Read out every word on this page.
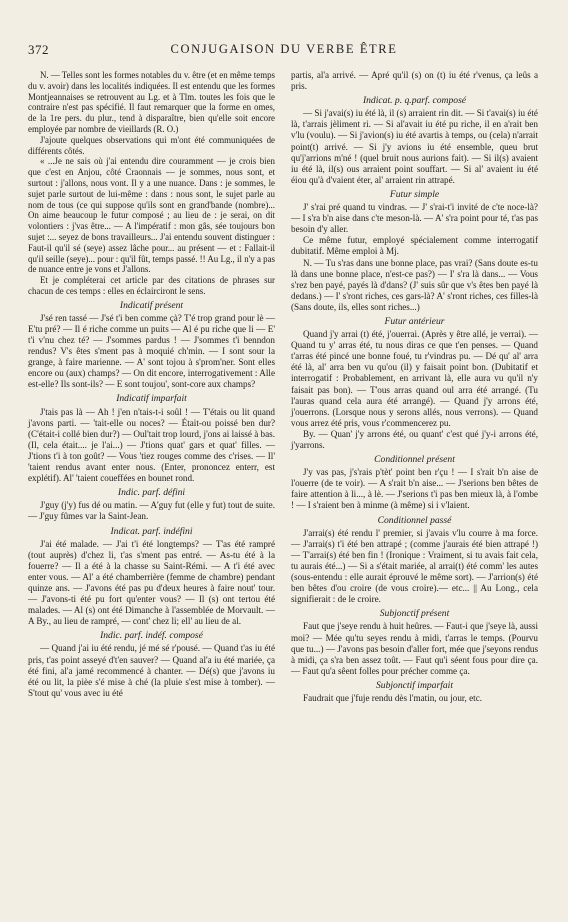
372	CONJUGAISON DU VERBE ÊTRE

N. — Telles sont les formes notables du v. être (et en même temps du v. avoir) dans les localités indiquées. Il est entendu que les formes Montjeannaises se retrouvent au Lg. et à Tlm. toutes les fois que le contraire n'est pas spécifié. Il faut remarquer que la forme en omes, de la 1re pers. du plur., tend à disparaître, bien qu'elle soit encore employée par nombre de vieillards (R. O.)

J'ajoute quelques observations qui m'ont été communiquées de différents côtés.

« ...Je ne sais où j'ai entendu dire couramment — je crois bien que c'est en Anjou, côté Craonnais — je sommes, nous sont, et surtout : j'allons, nous vont. Il y a une nuance. Dans : je sommes, le sujet parle surtout de lui-même : dans : nous sont, le sujet parle au nom de tous (ce qui suppose qu'ils sont en grand'bande (nombre)... On aime beaucoup le futur composé ; au lieu de : je serai, on dit volontiers : j'vas être... — A l'impératif : mon gâs, sée toujours bon sujet :... seyez de bons travailleurs... J'ai entendu souvent distinguer : Faut-il qu'il sé (seye) assez lâche pour... au présent — et : Fallait-il qu'il seille (seye)... pour : qu'il fût, temps passé. !! Au Lg., il n'y a pas de nuance entre je vons et J'allons.

Et je compléterai cet article par des citations de phrases sur chacun de ces temps : elles en éclairciront le sens.

Indicatif présent

J'sé ren tassé — J'sé t'i ben comme çà? T'é trop grand pour lè — E'tu pré? — Il é riche comme un puits — Al é pu riche que li — E' t'i v'nu chez té? — J'sommes pardus ! — J'sommes t'i benndon rendus? V's êtes s'ment pas à moquié ch'min. — I sont sour la grange, à faire marienne. — A' sont tojou à s'prom'ner. Sont elles encore ou (aux) champs? — On dit encore, interrogativement : Alle est-elle? Ils sont-ils? — E sont toujou', sont-core aux champs?

Indicatif imparfait

J'tais pas là — Ah ! j'en n'tais-t-i soûl ! — T'étais ou lit quand j'avons parti. — 'tait-elle ou noces? — Était-ou poissé ben dur? (C'était-i collé bien dur?) — Oul'tait trop lourd, j'ons ai laissé à bas. (Il, cela était.... je l'ai...) — J'tions quat' gars et quat' filles. — J'tions t'i à ton goût? — Vous 'tiez rouges comme des c'rises. — Il' 'taient rendus avant enter nous. (Enter, prononcez enterr, est explétif). Al' 'taient coueffées en bounet rond.

Indic. parf. défini

J'guy (j'y) fus dé ou matin. — A'guy fut (elle y fut) tout de suite. — J'guy fûmes var la Saint-Jean.

Indicat. parf. indéfini

J'ai été malade. — J'ai t'i été longtemps? — T'as été rampré (tout auprès) d'chez li, t'as s'ment pas entré. — As-tu été à la fouerre? — Il a été à la chasse su Saint-Rémi. — A t'i été avec enter vous. — Al' a été chamberrière (femme de chambre) pendant quinze ans. — J'avons été pas pu d'deux heures à faire nout' tour. — J'avons-ti été pu fort qu'enter vous? — Il (s) ont tertou été malades. — Al (s) ont été Dimanche à l'assemblée de Morvault. — A By., au lieu de rampré, — cont' chez li; ell' au lieu de al.

Indic. parf. indéf. composé

— Quand j'ai iu été rendu, jé mé sé r'pousé. — Quand t'as iu été pris, t'as point asseyé d't'en sauver? — Quand al'a iu été mariée, ça été fini, al'a jamé recommencé à chanter. — Dé(s) que j'avons iu été ou lit, la pièe s'é mise à ché (la pluie s'est mise à tomber). — S'tout qu' vous avec iu été

partis, al'a arrivé. — Apré qu'il (s) on (t) iu été r'venus, ça leûs a pris.

Indicat. p. q.parf. composé

— Si j'avai(s) iu été là, il (s) arraient rin dit. — Si t'avai(s) iu été là, t'arrais jèliment ri. — Si al'avait iu été pu riche, il en a'rait ben v'lu (voulu). — Si j'avion(s) iu été avartis à temps, ou (cela) n'arrait point(t) arrivé. — Si j'y avions iu été ensemble, queu brut qu'j'arrions m'né ! (quel bruit nous aurions fait). — Si il(s) avaient iu été là, il(s) ous arraient point souffart. — Si al' avaient iu été éiou qu'à d'vaient éter, al' arraient rin attrapé.

Futur simple

J' s'rai pré quand tu vindras. — J' s'rai-t'i invité de c'te noce-là? — I s'ra b'n aise dans c'te meson-là. — A' s'ra point pour té, t'as pas besoin d'y aller.

Ce même futur, employé spécialement comme interrogatif dubitatif. Même emploi à Mj.

N. — Tu s'ras dans une bonne place, pas vrai? (Sans doute es-tu là dans une bonne place, n'est-ce pas?) — I' s'ra là dans... — Vous s'rez ben payé, payés là d'dans? (J' suis sûr que v's êtes ben payé là dedans.) — I' s'ront riches, ces gars-là? A' s'ront riches, ces filles-là (Sans doute, ils, elles sont riches...)

Futur antérieur

Quand j'y arrai (t) été, j'ouerrai. (Après y être allé, je verrai). — Quand tu y' arras été, tu nous diras ce que t'en penses. — Quand t'arras été pincé une bonne foué, tu r'vindras pu. — Dé qu' al' arra été là, al' arra ben vu qu'ou (il) y faisait point bon. (Dubitatif et interrogatif : Probablement, en arrivant là, elle aura vu qu'il n'y faisait pas bon). — T'ous arras quand oul arra été arrangé. (Tu l'auras quand cela aura été arrangé). — Quand j'y arrons été, j'ouerrons. (Lorsque nous y serons allés, nous verrons). — Quand vous arrez été pris, vous r'commencerez pu.

By. — Quan' j'y arrons été, ou quant' c'est qué j'y-i arrons été, j'yarrons.

Conditionnel présent

J'y vas pas, j's'rais p'tèt' point ben r'çu ! — I s'rait b'n aise de l'ouerre (de te voir). — A s'rait b'n aise... — J'serions ben bêtes de faire attention à li..., à lè. — J'serions t'i pas ben mieux là, à l'ombe ! — I s'raient ben à minme (à même) si i v'laient.

Conditionnel passé

J'arrai(s) été rendu l' premier, si j'avais v'lu courre à ma force. — J'arrai(s) t'i été ben attrapé ; (comme j'aurais été bien attrapé !) — T'arrai(s) été ben fin ! (Ironique : Vraiment, si tu avais fait cela, tu aurais été...) — Si a s'était mariée, al arrai(t) été comm' les autes (sous-entendu : elle aurait éprouvé le même sort). — J'arrion(s) été ben bêtes d'ou croire (de vous croire).— etc... || Au Long., cela signifierait : de le croire.

Subjonctif présent

Faut que j'seye rendu à huit heûres. — Faut-i que j'seye là, aussi moi? — Mée qu'tu seyes rendu à midi, t'arras le temps. (Pourvu que tu...) — J'avons pas besoin d'aller fort, mée que j'seyons rendus à midi, ça s'ra ben assez toût. — Faut qu'i séent fous pour dire ça. — Faut qu'a sêent folles pour précher comme ça.

Subjonctif imparfait

Faudrait que j'fuje rendu dès l'matin, ou jour, etc.
